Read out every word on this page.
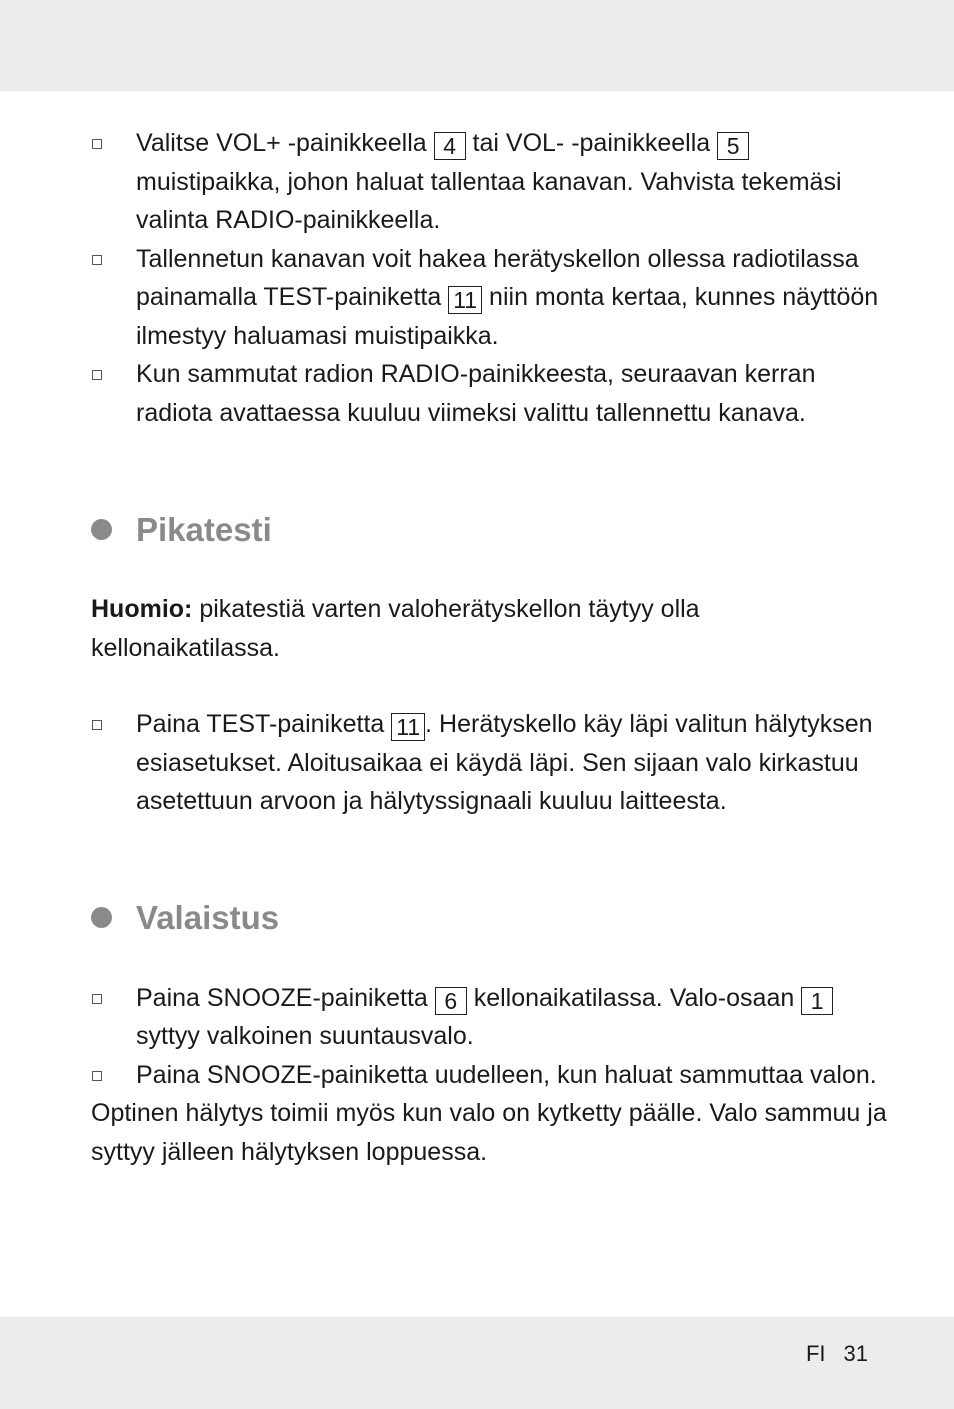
Valitse VOL+ -painikkeella 4 tai VOL- -painikkeella 5 muistipaikka, johon haluat tallentaa kanavan. Vahvista tekemäsi valinta RADIO-painikkeella.
Tallennetun kanavan voit hakea herätyskellon ollessa radiotilassa painamalla TEST-painiketta 11 niin monta kertaa, kunnes näyttöön ilmestyy haluamasi muistipaikka.
Kun sammutat radion RADIO-painikkeesta, seuraavan kerran radiota avattaessa kuuluu viimeksi valittu tallennettu kanava.
Pikatesti
Huomio: pikatestiä varten valoherätyskellon täytyy olla kellonaikatilassa.
Paina TEST-painiketta 11 . Herätyskello käy läpi valitun hälytyksen esiasetukset. Aloitusaikaa ei käydä läpi. Sen sijaan valo kirkastuu asetettuun arvoon ja hälytyssignaali kuuluu laitteesta.
Valaistus
Paina SNOOZE-painiketta 6 kellonaikatilassa. Valo-osaan 1 syttyy valkoinen suuntausvalo.
Paina SNOOZE-painiketta uudelleen, kun haluat sammuttaa valon.
Optinen hälytys toimii myös kun valo on kytketty päälle. Valo sammuu ja syttyy jälleen hälytyksen loppuessa.
FI 31
